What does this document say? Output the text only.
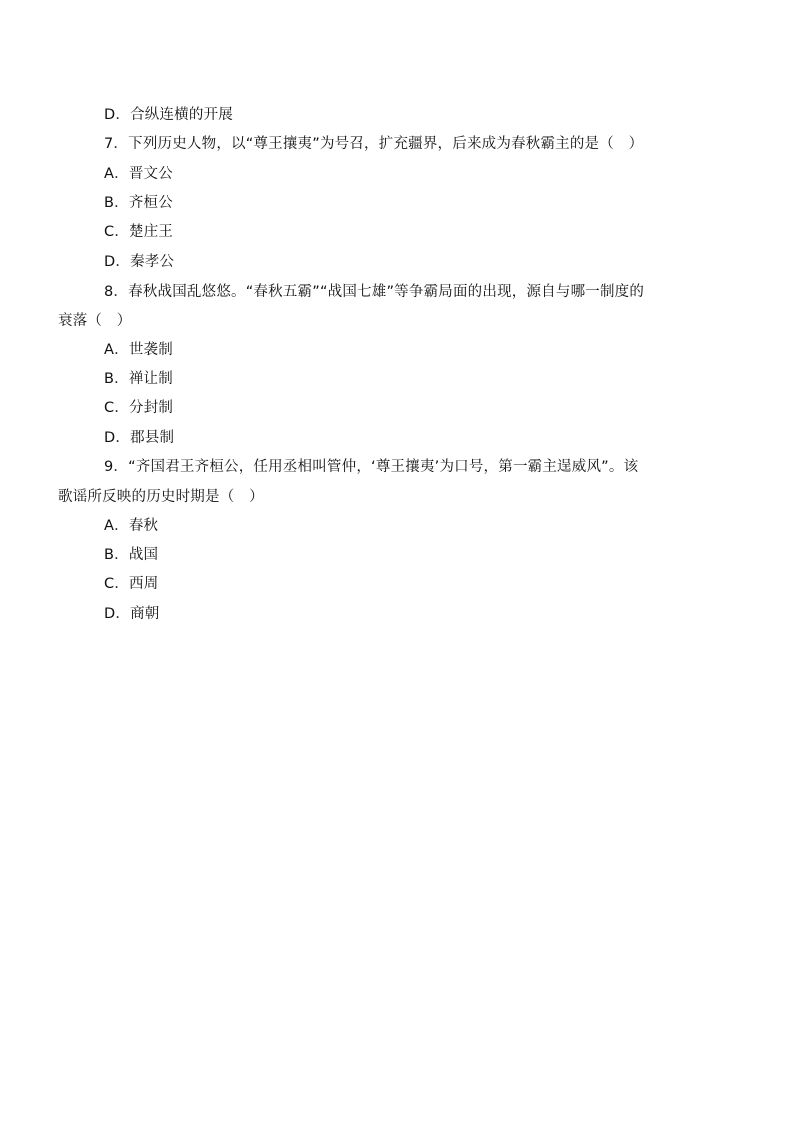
D．合纵连横的开展
7．下列历史人物，以“尊王攘夷”为号召，扩充疆界，后来成为春秋霸主的是（　）
A．晋文公
B．齐桓公
C．楚庄王
D．秦孝公
8．春秋战国乱悠悠。“春秋五霸”“战国七雄”等争霸局面的出现，源自与哪一制度的
衰落（　）
A．世袭制
B．禅让制
C．分封制
D．郡县制
9．“齐国君王齐桓公，任用丞相叫管仲，‘尊王攘夷’为口号，第一霸主逞威风”。该
歌谣所反映的历史时期是（　）
A．春秋
B．战国
C．西周
D．商朝
